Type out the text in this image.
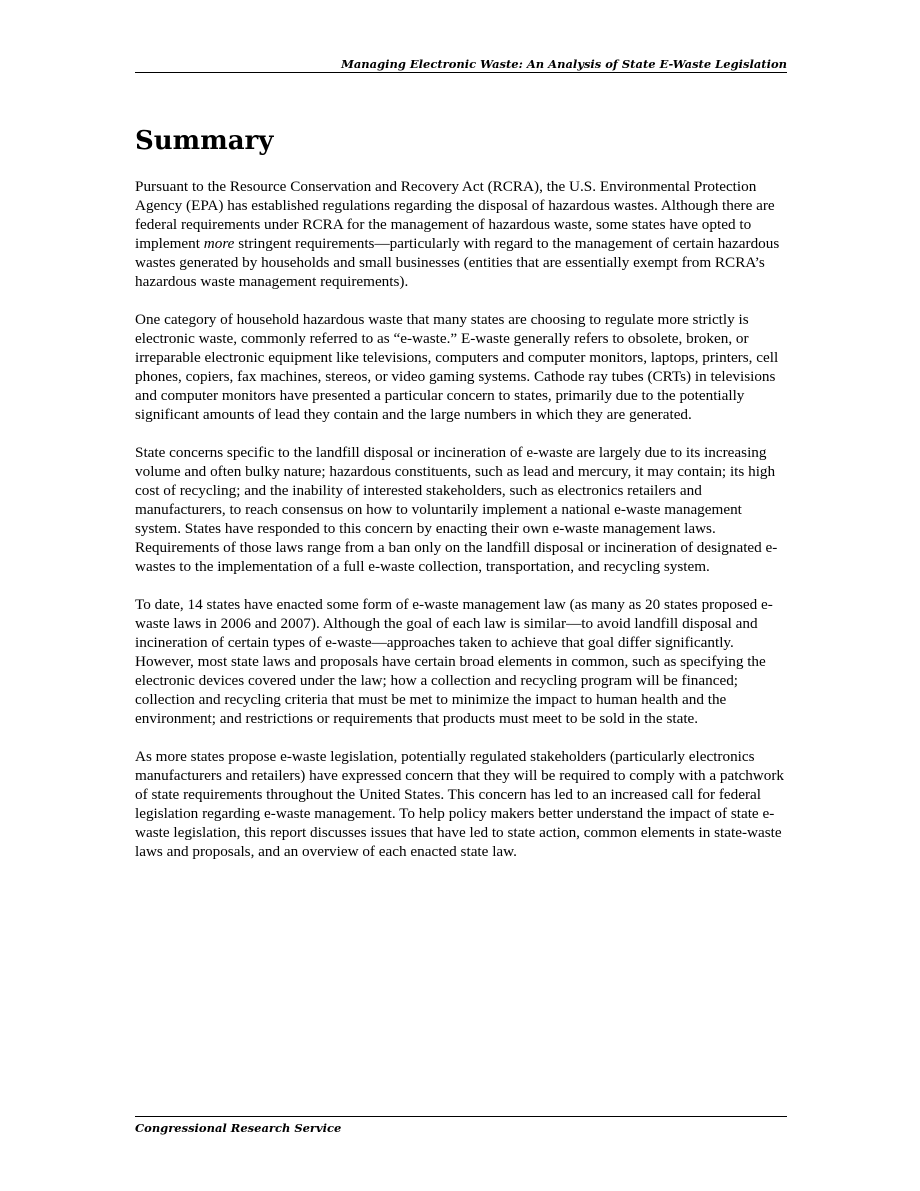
Managing Electronic Waste: An Analysis of State E-Waste Legislation
Summary

Pursuant to the Resource Conservation and Recovery Act (RCRA), the U.S. Environmental Protection Agency (EPA) has established regulations regarding the disposal of hazardous wastes. Although there are federal requirements under RCRA for the management of hazardous waste, some states have opted to implement more stringent requirements—particularly with regard to the management of certain hazardous wastes generated by households and small businesses (entities that are essentially exempt from RCRA’s hazardous waste management requirements).

One category of household hazardous waste that many states are choosing to regulate more strictly is electronic waste, commonly referred to as “e-waste.” E-waste generally refers to obsolete, broken, or irreparable electronic equipment like televisions, computers and computer monitors, laptops, printers, cell phones, copiers, fax machines, stereos, or video gaming systems. Cathode ray tubes (CRTs) in televisions and computer monitors have presented a particular concern to states, primarily due to the potentially significant amounts of lead they contain and the large numbers in which they are generated.

State concerns specific to the landfill disposal or incineration of e-waste are largely due to its increasing volume and often bulky nature; hazardous constituents, such as lead and mercury, it may contain; its high cost of recycling; and the inability of interested stakeholders, such as electronics retailers and manufacturers, to reach consensus on how to voluntarily implement a national e-waste management system. States have responded to this concern by enacting their own e-waste management laws. Requirements of those laws range from a ban only on the landfill disposal or incineration of designated e-wastes to the implementation of a full e-waste collection, transportation, and recycling system.

To date, 14 states have enacted some form of e-waste management law (as many as 20 states proposed e-waste laws in 2006 and 2007). Although the goal of each law is similar—to avoid landfill disposal and incineration of certain types of e-waste—approaches taken to achieve that goal differ significantly. However, most state laws and proposals have certain broad elements in common, such as specifying the electronic devices covered under the law; how a collection and recycling program will be financed; collection and recycling criteria that must be met to minimize the impact to human health and the environment; and restrictions or requirements that products must meet to be sold in the state.

As more states propose e-waste legislation, potentially regulated stakeholders (particularly electronics manufacturers and retailers) have expressed concern that they will be required to comply with a patchwork of state requirements throughout the United States. This concern has led to an increased call for federal legislation regarding e-waste management. To help policy makers better understand the impact of state e-waste legislation, this report discusses issues that have led to state action, common elements in state-waste laws and proposals, and an overview of each enacted state law.

Congressional Research Service
